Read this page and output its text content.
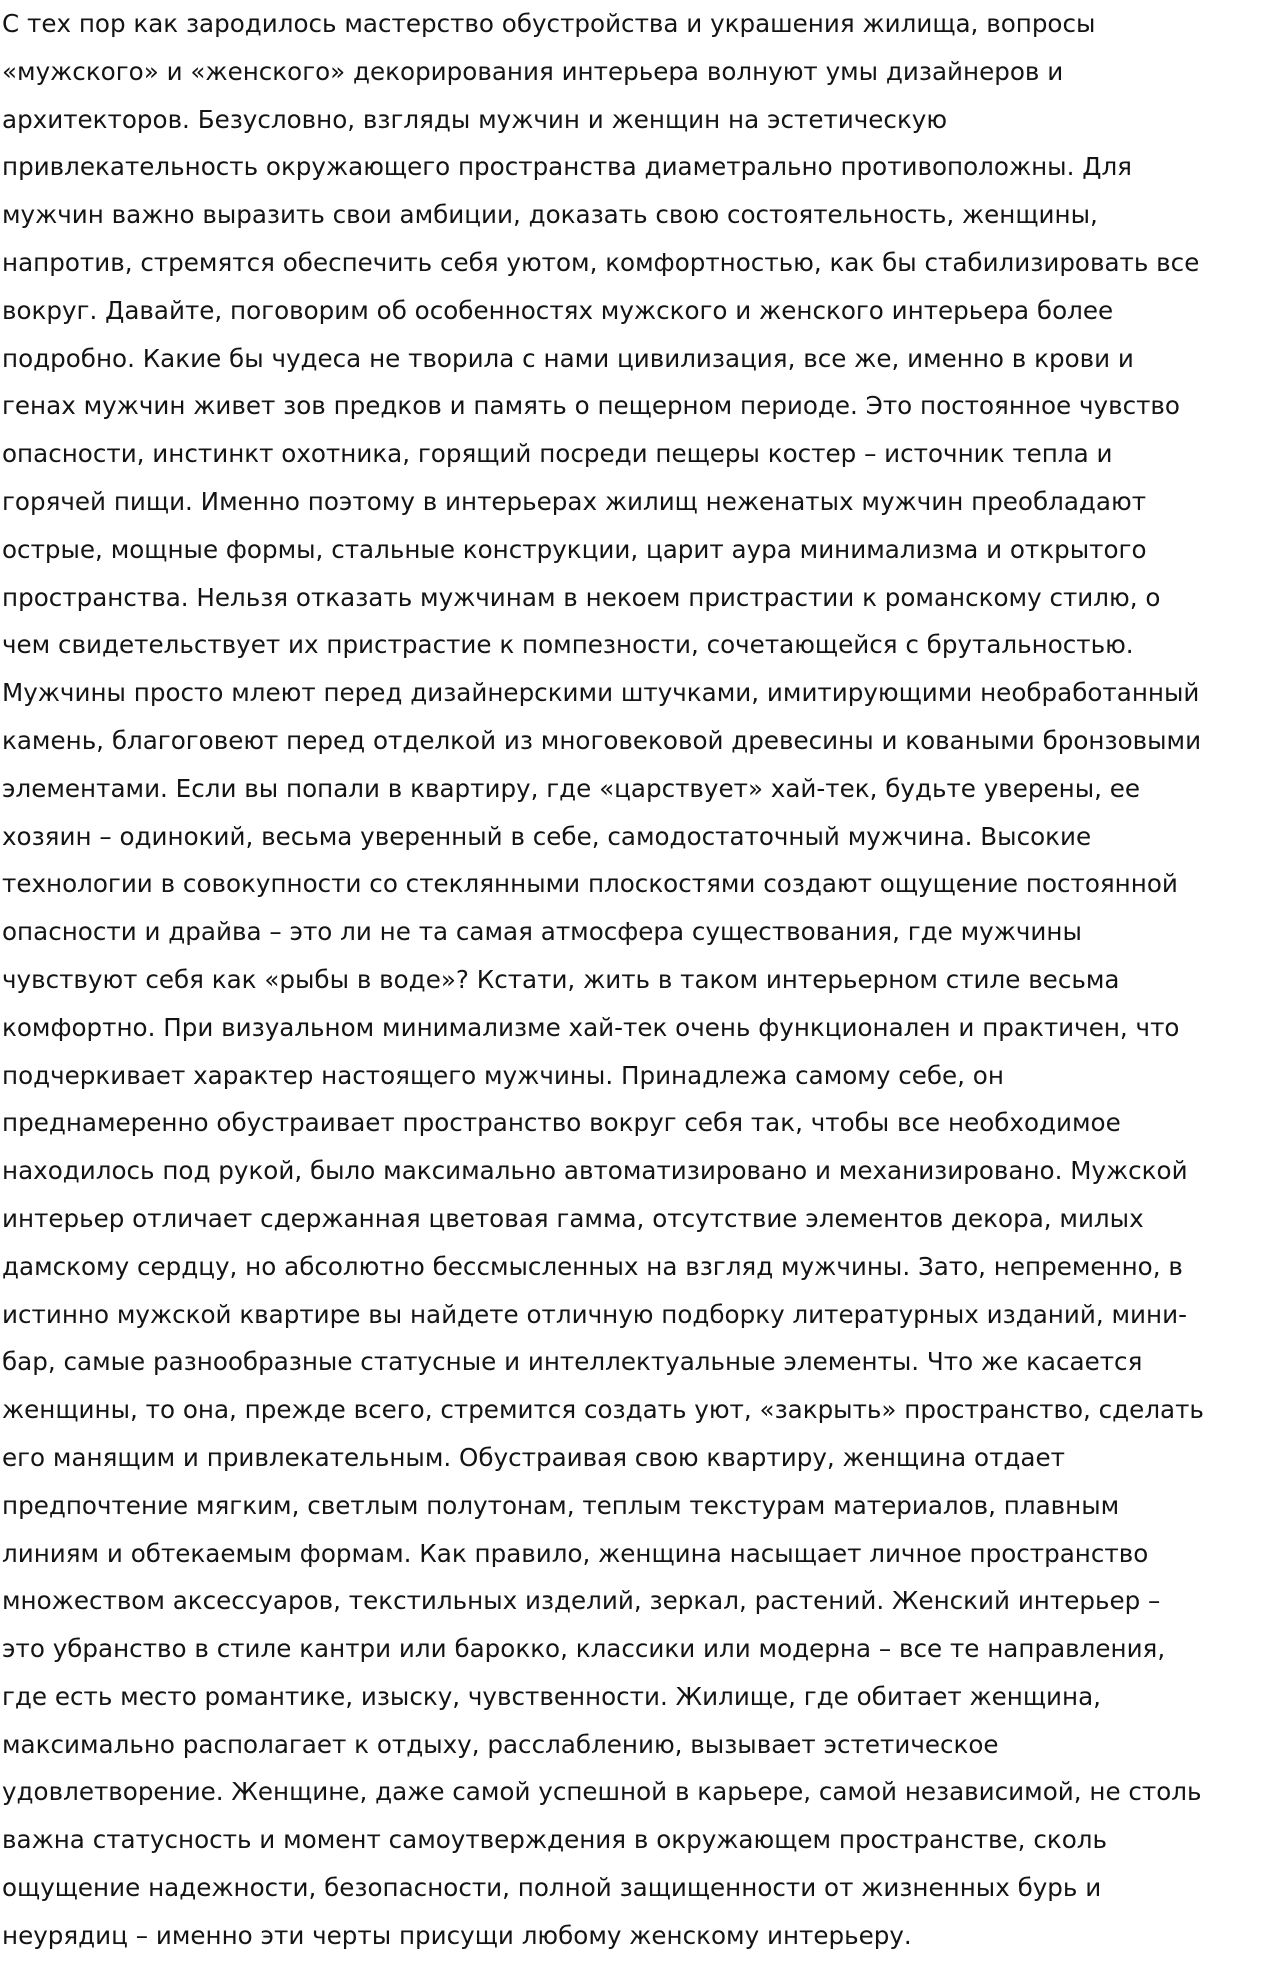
С тех пор как зародилось мастерство обустройства и украшения жилища, вопросы
«мужского» и «женского» декорирования интерьера волнуют умы дизайнеров и
архитекторов. Безусловно, взгляды мужчин и женщин на эстетическую
привлекательность окружающего пространства диаметрально противоположны. Для
мужчин важно выразить свои амбиции, доказать свою состоятельность, женщины,
напротив, стремятся обеспечить себя уютом, комфортностью, как бы стабилизировать все
вокруг. Давайте, поговорим об особенностях мужского и женского интерьера более
подробно. Какие бы чудеса не творила с нами цивилизация, все же, именно в крови и
генах мужчин живет зов предков и память о пещерном периоде. Это постоянное чувство
опасности, инстинкт охотника, горящий посреди пещеры костер – источник тепла и
горячей пищи. Именно поэтому в интерьерах жилищ неженатых мужчин преобладают
острые, мощные формы, стальные конструкции, царит аура минимализма и открытого
пространства. Нельзя отказать мужчинам в некоем пристрастии к романскому стилю, о
чем свидетельствует их пристрастие к помпезности, сочетающейся с брутальностью.
Мужчины просто млеют перед дизайнерскими штучками, имитирующими необработанный
камень, благоговеют перед отделкой из многовековой древесины и коваными бронзовыми
элементами. Если вы попали в квартиру, где «царствует» хай-тек, будьте уверены, ее
хозяин – одинокий, весьма уверенный в себе, самодостаточный мужчина. Высокие
технологии в совокупности со стеклянными плоскостями создают ощущение постоянной
опасности и драйва – это ли не та самая атмосфера существования, где мужчины
чувствуют себя как «рыбы в воде»? Кстати, жить в таком интерьерном стиле весьма
комфортно. При визуальном минимализме хай-тек очень функционален и практичен, что
подчеркивает характер настоящего мужчины. Принадлежа самому себе, он
преднамеренно обустраивает пространство вокруг себя так, чтобы все необходимое
находилось под рукой, было максимально автоматизировано и механизировано. Мужской
интерьер отличает сдержанная цветовая гамма, отсутствие элементов декора, милых
дамскому сердцу, но абсолютно бессмысленных на взгляд мужчины. Зато, непременно, в
истинно мужской квартире вы найдете отличную подборку литературных изданий, мини-
бар, самые разнообразные статусные и интеллектуальные элементы. Что же касается
женщины, то она, прежде всего, стремится создать уют, «закрыть» пространство, сделать
его манящим и привлекательным. Обустраивая свою квартиру, женщина отдает
предпочтение мягким, светлым полутонам, теплым текстурам материалов, плавным
линиям и обтекаемым формам. Как правило, женщина насыщает личное пространство
множеством аксессуаров, текстильных изделий, зеркал, растений. Женский интерьер –
это убранство в стиле кантри или барокко, классики или модерна – все те направления,
где есть место романтике, изыску, чувственности. Жилище, где обитает женщина,
максимально располагает к отдыху, расслаблению, вызывает эстетическое
удовлетворение. Женщине, даже самой успешной в карьере, самой независимой, не столь
важна статусность и момент самоутверждения в окружающем пространстве, сколь
ощущение надежности, безопасности, полной защищенности от жизненных бурь и
неурядиц – именно эти черты присущи любому женскому интерьеру.
